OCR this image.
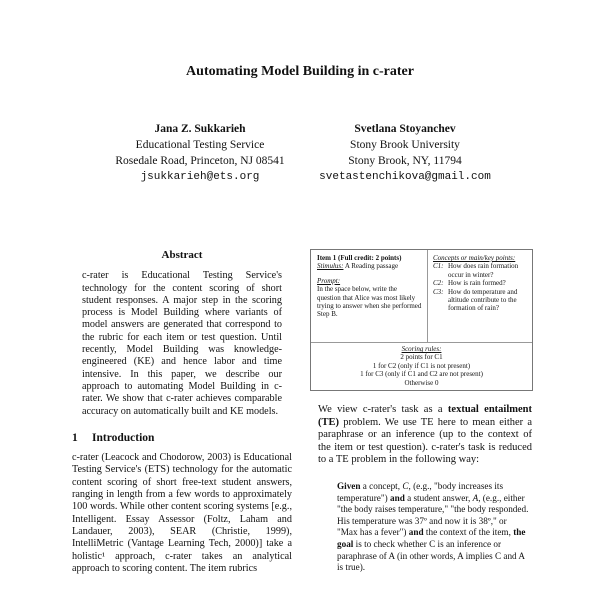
Automating Model Building in c-rater
Jana Z. Sukkarieh
Educational Testing Service
Rosedale Road, Princeton, NJ 08541
jsukkarieh@ets.org
Svetlana Stoyanchev
Stony Brook University
Stony Brook, NY, 11794
svetastenchikova@gmail.com
Abstract
c-rater is Educational Testing Service's technology for the content scoring of short student responses. A major step in the scoring process is Model Building where variants of model answers are generated that correspond to the rubric for each item or test question. Until recently, Model Building was knowledge-engineered (KE) and hence labor and time intensive. In this paper, we describe our approach to automating Model Building in c-rater. We show that c-rater achieves comparable accuracy on automatically built and KE models.
1 Introduction
c-rater (Leacock and Chodorow, 2003) is Educational Testing Service's (ETS) technology for the automatic content scoring of short free-text student answers, ranging in length from a few words to approximately 100 words. While other content scoring systems [e.g., Intelligent. Essay Assessor (Foltz, Laham and Landauer, 2003), SEAR (Christie, 1999), IntelliMetric (Vantage Learning Tech, 2000)] take a holistic¹ approach, c-rater takes an analytical approach to scoring content. The item rubrics
Item 1 (Full credit: 2 points)
Stimulus: A Reading passage
Prompt:
In the space below, write the question that Alice was most likely trying to answer when she performed Step B.
Concepts or main/key points:
C1: How does rain formation occur in winter?
C2: How is rain formed?
C3: How do temperature and altitude contribute to the formation of rain?
Scoring rules:
2 points for C1
1 for C2 (only if C1 is not present)
1 for C3 (only if C1 and C2 are not present)
Otherwise 0
We view c-rater's task as a textual entailment (TE) problem. We use TE here to mean either a paraphrase or an inference (up to the context of the item or test question). c-rater's task is reduced to a TE problem in the following way:
Given a concept, C, (e.g., "body increases its temperature") and a student answer, A, (e.g., either "the body raises temperature," "the body responded. His temperature was 37º and now it is 38º," or "Max has a fever") and the context of the item, the goal is to check whether C is an inference or paraphrase of A (in other words, A implies C and A is true).
